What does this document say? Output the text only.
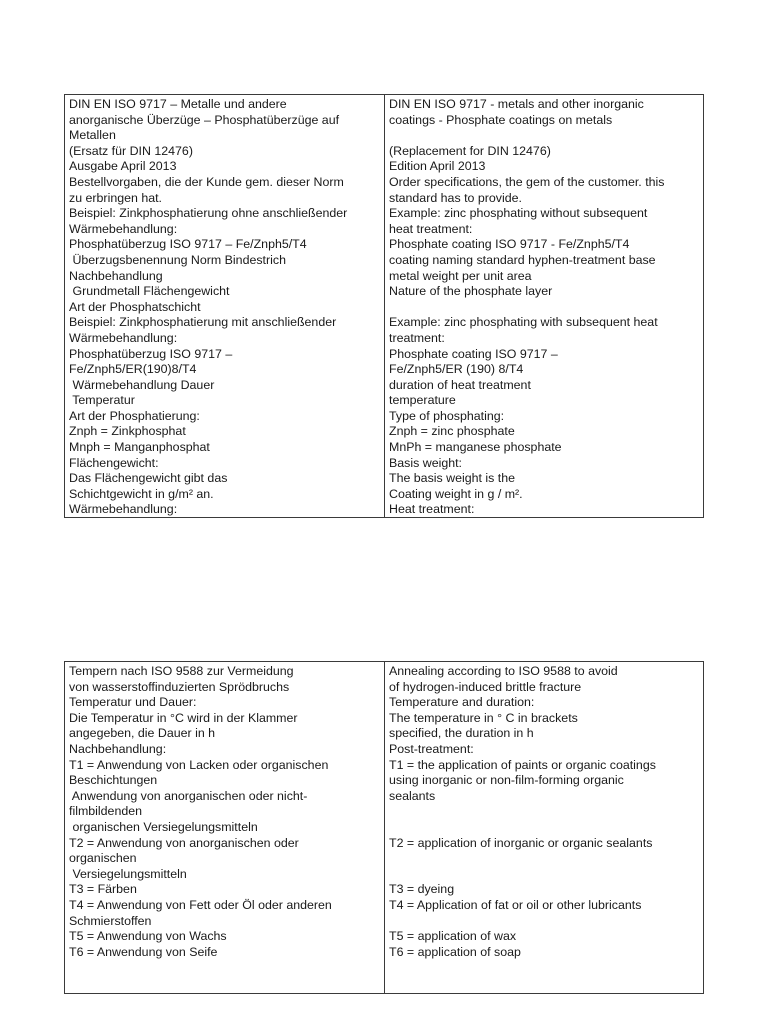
DIN EN ISO 9717 – Metalle und andere
anorganische Überzüge – Phosphatüberzüge auf
Metallen
(Ersatz für DIN 12476)
Ausgabe April 2013
Bestellvorgaben, die der Kunde gem. dieser Norm
zu erbringen hat.
Beispiel: Zinkphosphatierung ohne anschließender
Wärmebehandlung:
Phosphatüberzug ISO 9717 – Fe/Znph5/T4
Überzugsbenennung Norm Bindestrich
Nachbehandlung
Grundmetall Flächengewicht
Art der Phosphatschicht
Beispiel: Zinkphosphatierung mit anschließender
Wärmebehandlung:
Phosphatüberzug ISO 9717 –
Fe/Znph5/ER(190)8/T4
Wärmebehandlung Dauer
Temperatur
Art der Phosphatierung:
Znph = Zinkphosphat
Mnph = Manganphosphat
Flächengewicht:
Das Flächengewicht gibt das
Schichtgewicht in g/m² an.
Wärmebehandlung:
DIN EN ISO 9717 - metals and other inorganic
coatings - Phosphate coatings on metals
(Replacement for DIN 12476)
Edition April 2013
Order specifications, the gem of the customer. this
standard has to provide.
Example: zinc phosphating without subsequent
heat treatment:
Phosphate coating ISO 9717 - Fe/Znph5/T4
coating naming standard hyphen-treatment base
metal weight per unit area
Nature of the phosphate layer
Example: zinc phosphating with subsequent heat
treatment:
Phosphate coating ISO 9717 –
Fe/Znph5/ER (190) 8/T4
duration of heat treatment
temperature
Type of phosphating:
Znph = zinc phosphate
MnPh = manganese phosphate
Basis weight:
The basis weight is the
Coating weight in g / m².
Heat treatment:
Tempern nach ISO 9588 zur Vermeidung
von wasserstoffinduzierten Sprödbruchs
Temperatur und Dauer:
Die Temperatur in °C wird in der Klammer
angegeben, die Dauer in h
Nachbehandlung:
T1 = Anwendung von Lacken oder organischen
Beschichtungen
Anwendung von anorganischen oder nicht-
filmbildenden
organischen Versiegelungsmitteln
T2 = Anwendung von anorganischen oder
organischen
Versiegelungsmitteln
T3 = Färben
T4 = Anwendung von Fett oder Öl oder anderen
Schmierstoffen
T5 = Anwendung von Wachs
T6 = Anwendung von Seife
Annealing according to ISO 9588 to avoid
of hydrogen-induced brittle fracture
Temperature and duration:
The temperature in ° C in brackets
specified, the duration in h
Post-treatment:
T1 = the application of paints or organic coatings
using inorganic or non-film-forming organic
sealants
T2 = application of inorganic or organic sealants
T3 = dyeing
T4 = Application of fat or oil or other lubricants
T5 = application of wax
T6 = application of soap
